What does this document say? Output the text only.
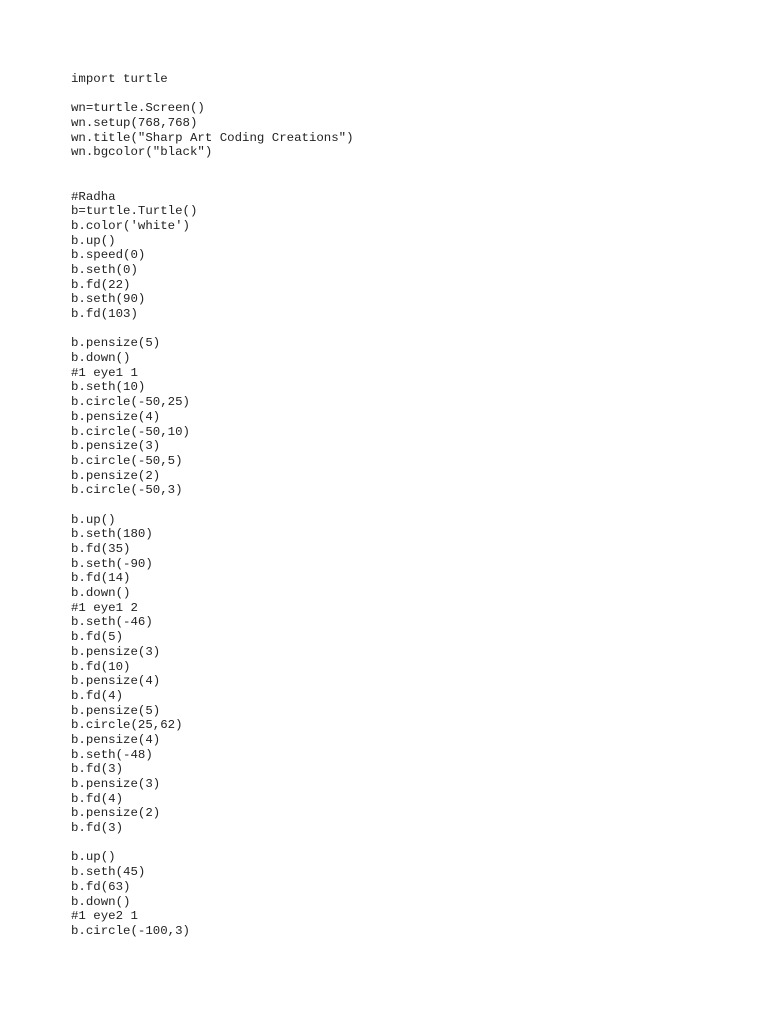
import turtle
wn=turtle.Screen()
wn.setup(768,768)
wn.title("Sharp Art Coding Creations")
wn.bgcolor("black")
#Radha
b=turtle.Turtle()
b.color('white')
b.up()
b.speed(0)
b.seth(0)
b.fd(22)
b.seth(90)
b.fd(103)
b.pensize(5)
b.down()
#1 eye1 1
b.seth(10)
b.circle(-50,25)
b.pensize(4)
b.circle(-50,10)
b.pensize(3)
b.circle(-50,5)
b.pensize(2)
b.circle(-50,3)
b.up()
b.seth(180)
b.fd(35)
b.seth(-90)
b.fd(14)
b.down()
#1 eye1 2
b.seth(-46)
b.fd(5)
b.pensize(3)
b.fd(10)
b.pensize(4)
b.fd(4)
b.pensize(5)
b.circle(25,62)
b.pensize(4)
b.seth(-48)
b.fd(3)
b.pensize(3)
b.fd(4)
b.pensize(2)
b.fd(3)
b.up()
b.seth(45)
b.fd(63)
b.down()
#1 eye2 1
b.circle(-100,3)
